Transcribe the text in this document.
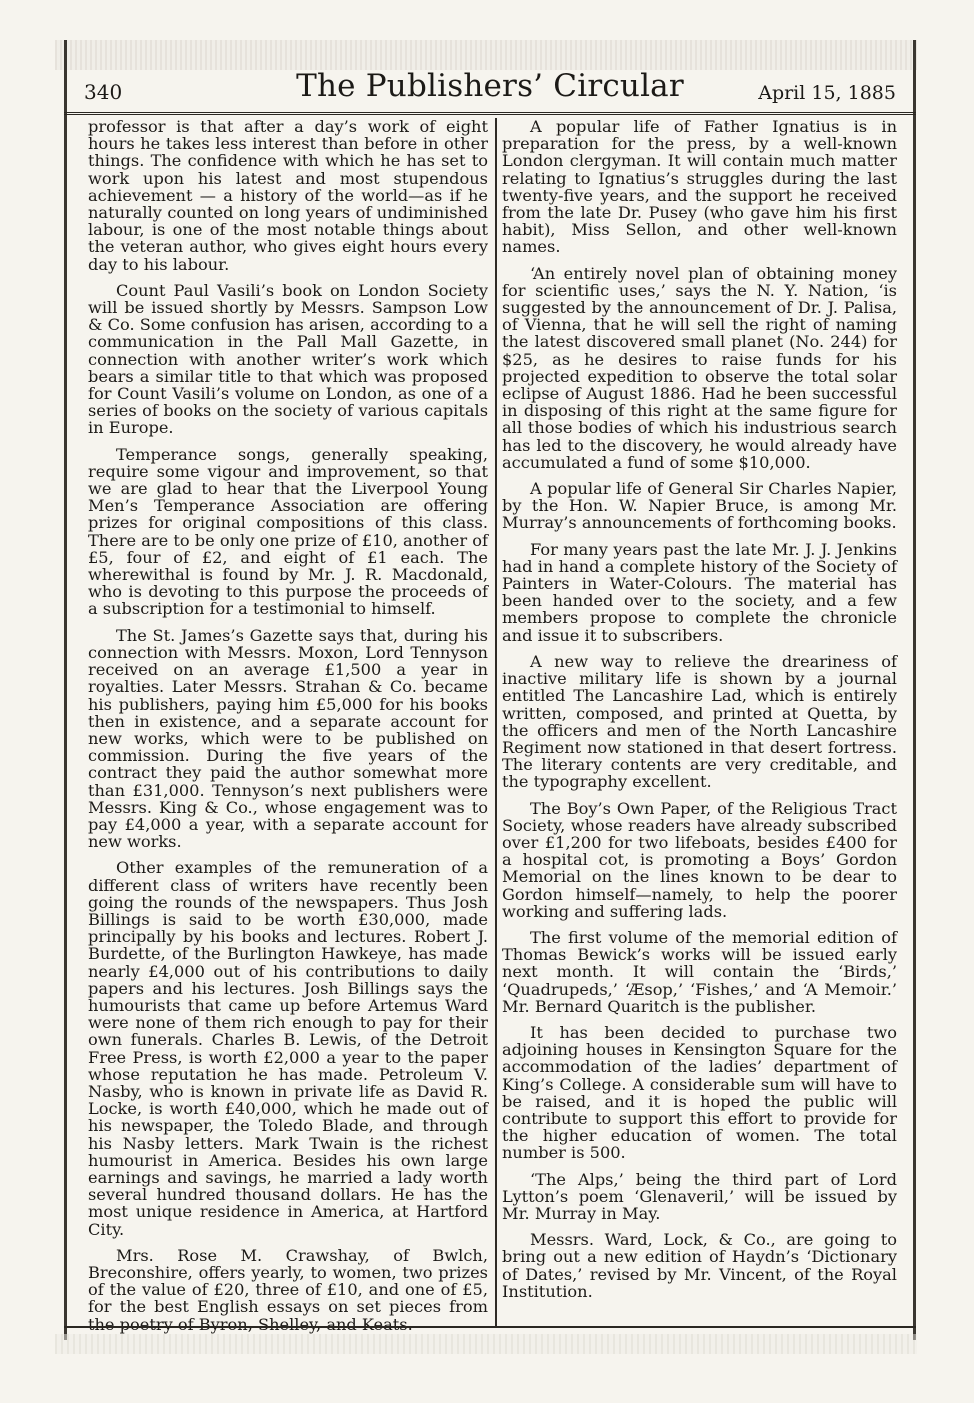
340	The Publishers’ Circular	April 15, 1885

professor is that after a day’s work of eight hours he takes less interest than before in other things. The confidence with which he has set to work upon his latest and most stupendous achievement — a history of the world—as if he naturally counted on long years of undiminished labour, is one of the most notable things about the veteran author, who gives eight hours every day to his labour.

Count Paul Vasili’s book on London Society will be issued shortly by Messrs. Sampson Low & Co. Some confusion has arisen, according to a communication in the Pall Mall Gazette, in connection with another writer’s work which bears a similar title to that which was proposed for Count Vasili’s volume on London, as one of a series of books on the society of various capitals in Europe.

Temperance songs, generally speaking, require some vigour and improvement, so that we are glad to hear that the Liverpool Young Men’s Temperance Association are offering prizes for original compositions of this class. There are to be only one prize of £10, another of £5, four of £2, and eight of £1 each. The wherewithal is found by Mr. J. R. Macdonald, who is devoting to this purpose the proceeds of a subscription for a testimonial to himself.

The St. James’s Gazette says that, during his connection with Messrs. Moxon, Lord Tennyson received on an average £1,500 a year in royalties. Later Messrs. Strahan & Co. became his publishers, paying him £5,000 for his books then in existence, and a separate account for new works, which were to be published on commission. During the five years of the contract they paid the author somewhat more than £31,000. Tennyson’s next publishers were Messrs. King & Co., whose engagement was to pay £4,000 a year, with a separate account for new works.

Other examples of the remuneration of a different class of writers have recently been going the rounds of the newspapers. Thus Josh Billings is said to be worth £30,000, made principally by his books and lectures. Robert J. Burdette, of the Burlington Hawkeye, has made nearly £4,000 out of his contributions to daily papers and his lectures. Josh Billings says the humourists that came up before Artemus Ward were none of them rich enough to pay for their own funerals. Charles B. Lewis, of the Detroit Free Press, is worth £2,000 a year to the paper whose reputation he has made. Petroleum V. Nasby, who is known in private life as David R. Locke, is worth £40,000, which he made out of his newspaper, the Toledo Blade, and through his Nasby letters. Mark Twain is the richest humourist in America. Besides his own large earnings and savings, he married a lady worth several hundred thousand dollars. He has the most unique residence in America, at Hartford City.

Mrs. Rose M. Crawshay, of Bwlch, Breconshire, offers yearly, to women, two prizes of the value of £20, three of £10, and one of £5, for the best English essays on set pieces from the poetry of Byron, Shelley, and Keats.

A popular life of Father Ignatius is in preparation for the press, by a well-known London clergyman. It will contain much matter relating to Ignatius’s struggles during the last twenty-five years, and the support he received from the late Dr. Pusey (who gave him his first habit), Miss Sellon, and other well-known names.

‘An entirely novel plan of obtaining money for scientific uses,’ says the N. Y. Nation, ‘is suggested by the announcement of Dr. J. Palisa, of Vienna, that he will sell the right of naming the latest discovered small planet (No. 244) for $25, as he desires to raise funds for his projected expedition to observe the total solar eclipse of August 1886. Had he been successful in disposing of this right at the same figure for all those bodies of which his industrious search has led to the discovery, he would already have accumulated a fund of some $10,000.

A popular life of General Sir Charles Napier, by the Hon. W. Napier Bruce, is among Mr. Murray’s announcements of forthcoming books.

For many years past the late Mr. J. J. Jenkins had in hand a complete history of the Society of Painters in Water-Colours. The material has been handed over to the society, and a few members propose to complete the chronicle and issue it to subscribers.

A new way to relieve the dreariness of inactive military life is shown by a journal entitled The Lancashire Lad, which is entirely written, composed, and printed at Quetta, by the officers and men of the North Lancashire Regiment now stationed in that desert fortress. The literary contents are very creditable, and the typography excellent.

The Boy’s Own Paper, of the Religious Tract Society, whose readers have already subscribed over £1,200 for two lifeboats, besides £400 for a hospital cot, is promoting a Boys’ Gordon Memorial on the lines known to be dear to Gordon himself—namely, to help the poorer working and suffering lads.

The first volume of the memorial edition of Thomas Bewick’s works will be issued early next month. It will contain the ‘Birds,’ ‘Quadrupeds,’ ‘Æsop,’ ‘Fishes,’ and ‘A Memoir.’ Mr. Bernard Quaritch is the publisher.

It has been decided to purchase two adjoining houses in Kensington Square for the accommodation of the ladies’ department of King’s College. A considerable sum will have to be raised, and it is hoped the public will contribute to support this effort to provide for the higher education of women. The total number is 500.

‘The Alps,’ being the third part of Lord Lytton’s poem ‘Glenaveril,’ will be issued by Mr. Murray in May.

Messrs. Ward, Lock, & Co., are going to bring out a new edition of Haydn’s ‘Dictionary of Dates,’ revised by Mr. Vincent, of the Royal Institution.
